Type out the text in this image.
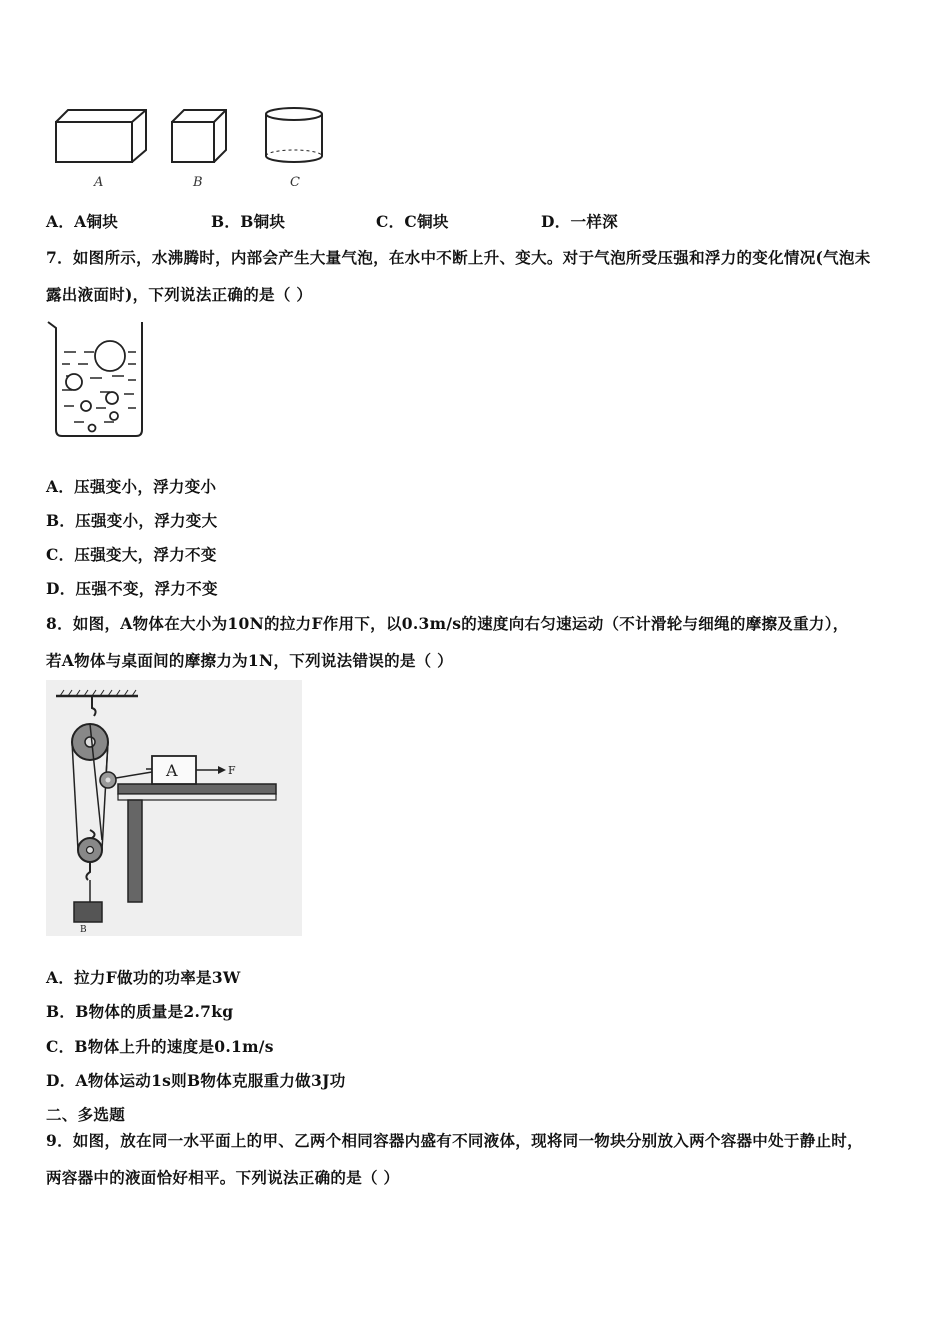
A	B	C
A．A铜块	B．B铜块	C．C铜块	D．一样深
7．如图所示，水沸腾时，内部会产生大量气泡，在水中不断上升、变大。对于气泡所受压强和浮力的变化情况(气泡未
露出液面时)，下列说法正确的是（ ）
A．压强变小，浮力变小
B．压强变小，浮力变大
C．压强变大，浮力不变
D．压强不变，浮力不变
8．如图，A物体在大小为10N的拉力F作用下，以0.3m/s的速度向右匀速运动（不计滑轮与细绳的摩擦及重力），
若A物体与桌面间的摩擦力为1N，下列说法错误的是（ ）
B
A	F
A．拉力F做功的功率是3W
B．B物体的质量是2.7kg
C．B物体上升的速度是0.1m/s
D．A物体运动1s则B物体克服重力做3J功
二、多选题
9．如图，放在同一水平面上的甲、乙两个相同容器内盛有不同液体，现将同一物块分别放入两个容器中处于静止时，
两容器中的液面恰好相平。下列说法正确的是（ ）
